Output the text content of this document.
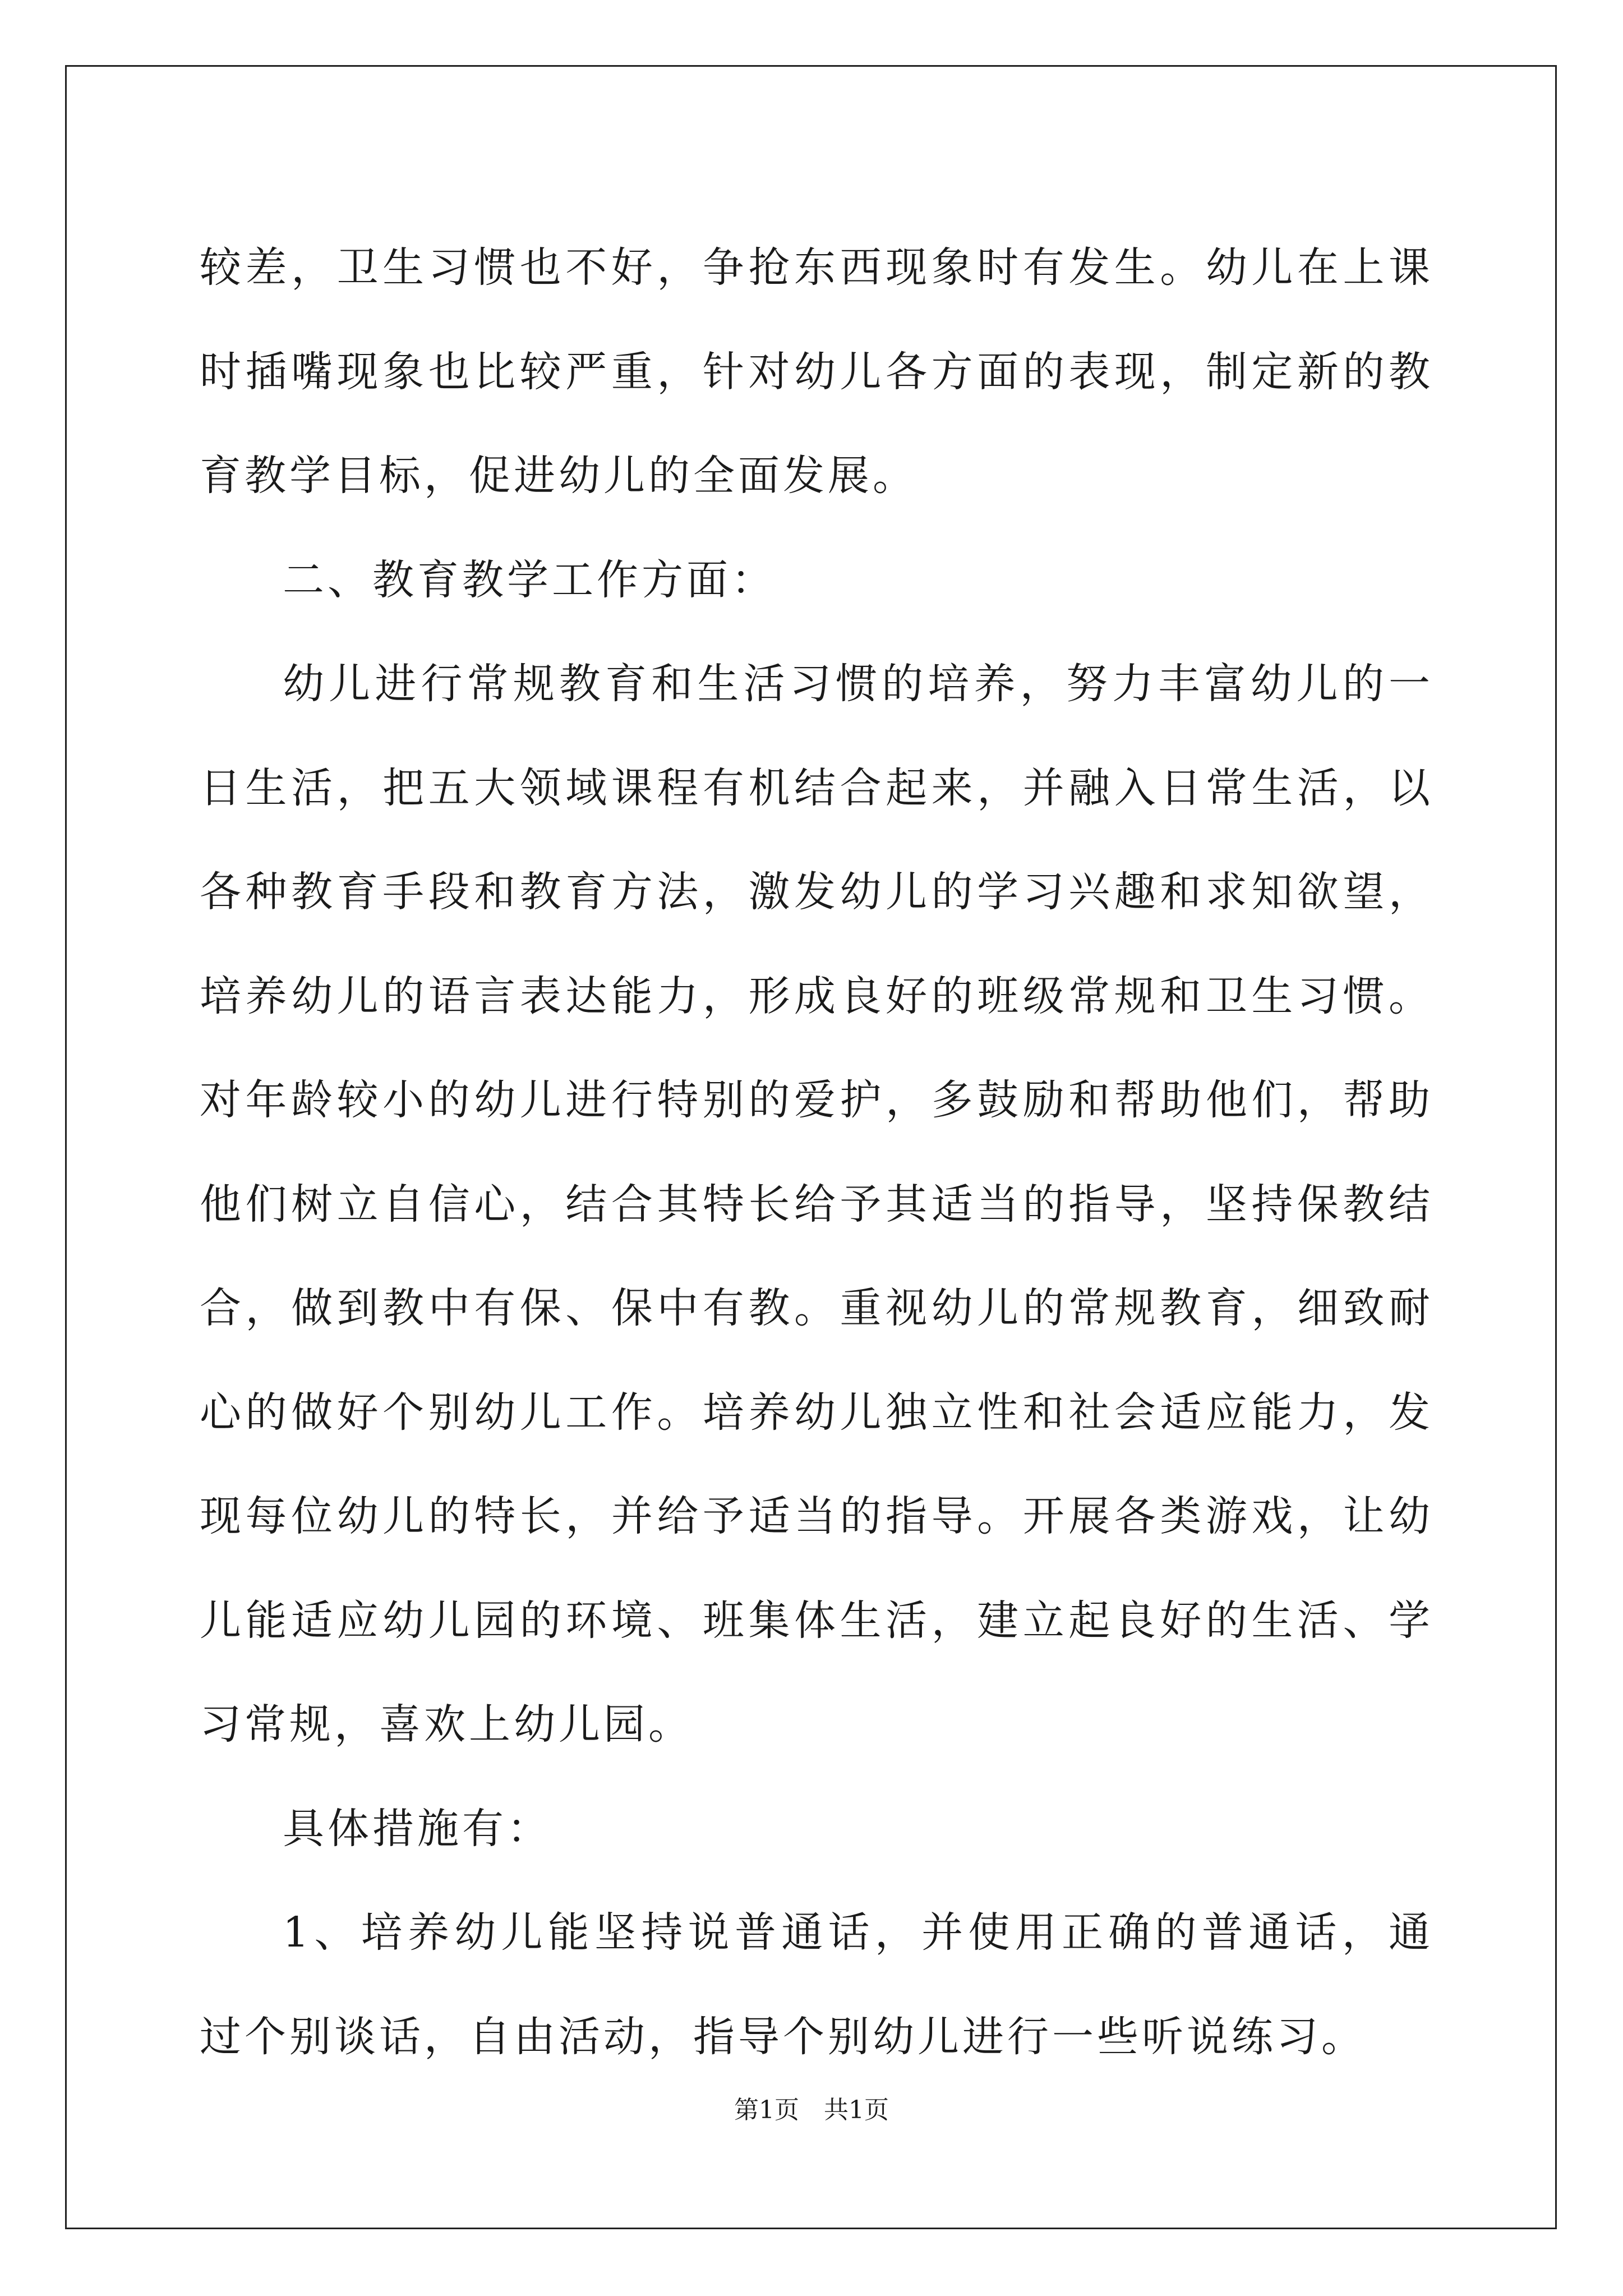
较差，卫生习惯也不好，争抢东西现象时有发生。幼儿在上课时插嘴现象也比较严重，针对幼儿各方面的表现，制定新的教育教学目标，促进幼儿的全面发展。

二、教育教学工作方面：

幼儿进行常规教育和生活习惯的培养，努力丰富幼儿的一日生活，把五大领域课程有机结合起来，并融入日常生活，以各种教育手段和教育方法，激发幼儿的学习兴趣和求知欲望，培养幼儿的语言表达能力，形成良好的班级常规和卫生习惯。对年龄较小的幼儿进行特别的爱护，多鼓励和帮助他们，帮助他们树立自信心，结合其特长给予其适当的指导，坚持保教结合，做到教中有保、保中有教。重视幼儿的常规教育，细致耐心的做好个别幼儿工作。培养幼儿独立性和社会适应能力，发现每位幼儿的特长，并给予适当的指导。开展各类游戏，让幼儿能适应幼儿园的环境、班集体生活，建立起良好的生活、学习常规，喜欢上幼儿园。

具体措施有：

1、培养幼儿能坚持说普通话，并使用正确的普通话，通过个别谈话，自由活动，指导个别幼儿进行一些听说练习。

第1页　共1页
